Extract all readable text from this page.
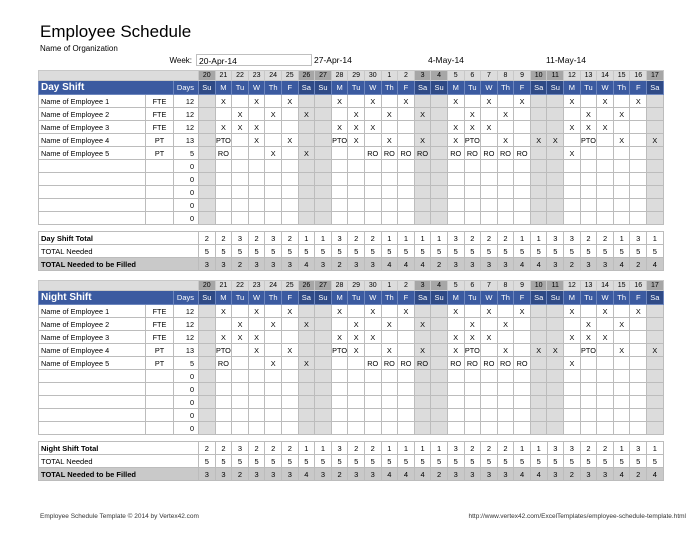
Employee Schedule
Name of Organization
Week: 20-Apr-14	27-Apr-14	4-May-14	11-May-14
			20	21	22	23	24	25	26	27	28	29	30	1	2	3	4	5	6	7	8	9	10	11	12	13	14	15	16	17
Day Shift		Days	Su	M	Tu	W	Th	F	Sa	Su	M	Tu	W	Th	F	Sa	Su	M	Tu	W	Th	F	Sa	Su	M	Tu	W	Th	F	Sa
Name of Employee 1	FTE	12		X		X		X			X		X		X			X		X		X			X		X		X	
Name of Employee 2	FTE	12			X		X		X			X		X		X			X		X					X		X		
Name of Employee 3	FTE	12		X	X	X					X	X	X					X	X	X					X	X	X			
Name of Employee 4	PT	13		PTO		X		X			PTO	X		X		X		X	PTO		X		X	X		PTO		X		X
Name of Employee 5	PT	5		RO			X		X				RO	RO	RO	RO		RO	RO	RO	RO	RO			X					
		0																												
		0																												
		0																												
		0																												
		0																												
Day Shift Total	2	2	3	2	3	2	1	1	3	2	2	1	1	1	1	3	2	2	2	1	1	3	3	2	2	1	3	1
TOTAL Needed	5	5	5	5	5	5	5	5	5	5	5	5	5	5	5	5	5	5	5	5	5	5	5	5	5	5	5	5
TOTAL Needed to be Filled	3	3	2	3	3	3	4	3	2	3	3	4	4	4	2	3	3	3	3	4	4	3	2	3	3	4	2	4
			20	21	22	23	24	25	26	27	28	29	30	1	2	3	4	5	6	7	8	9	10	11	12	13	14	15	16	17
Night Shift		Days	Su	M	Tu	W	Th	F	Sa	Su	M	Tu	W	Th	F	Sa	Su	M	Tu	W	Th	F	Sa	Su	M	Tu	W	Th	F	Sa
Name of Employee 1	FTE	12		X		X		X			X		X		X			X		X		X			X		X		X	
Name of Employee 2	FTE	12			X		X		X			X		X		X			X		X					X		X		
Name of Employee 3	FTE	12		X	X	X					X	X	X					X	X	X					X	X	X			
Name of Employee 4	PT	13		PTO		X		X			PTO	X		X		X		X	PTO		X		X	X		PTO		X		X
Name of Employee 5	PT	5		RO			X		X				RO	RO	RO	RO		RO	RO	RO	RO	RO			X					
		0																												
		0																												
		0																												
		0																												
		0																												
Night Shift Total	2	2	3	2	2	2	1	1	3	2	2	1	1	1	1	3	2	2	2	1	1	3	3	2	2	1	3	1
TOTAL Needed	5	5	5	5	5	5	5	5	5	5	5	5	5	5	5	5	5	5	5	5	5	5	5	5	5	5	5	5
TOTAL Needed to be Filled	3	3	2	3	3	3	4	3	2	3	3	4	4	4	2	3	3	3	3	4	4	3	2	3	3	4	2	4
Employee Schedule Template © 2014 by Vertex42.com	http://www.vertex42.com/ExcelTemplates/employee-schedule-template.html
